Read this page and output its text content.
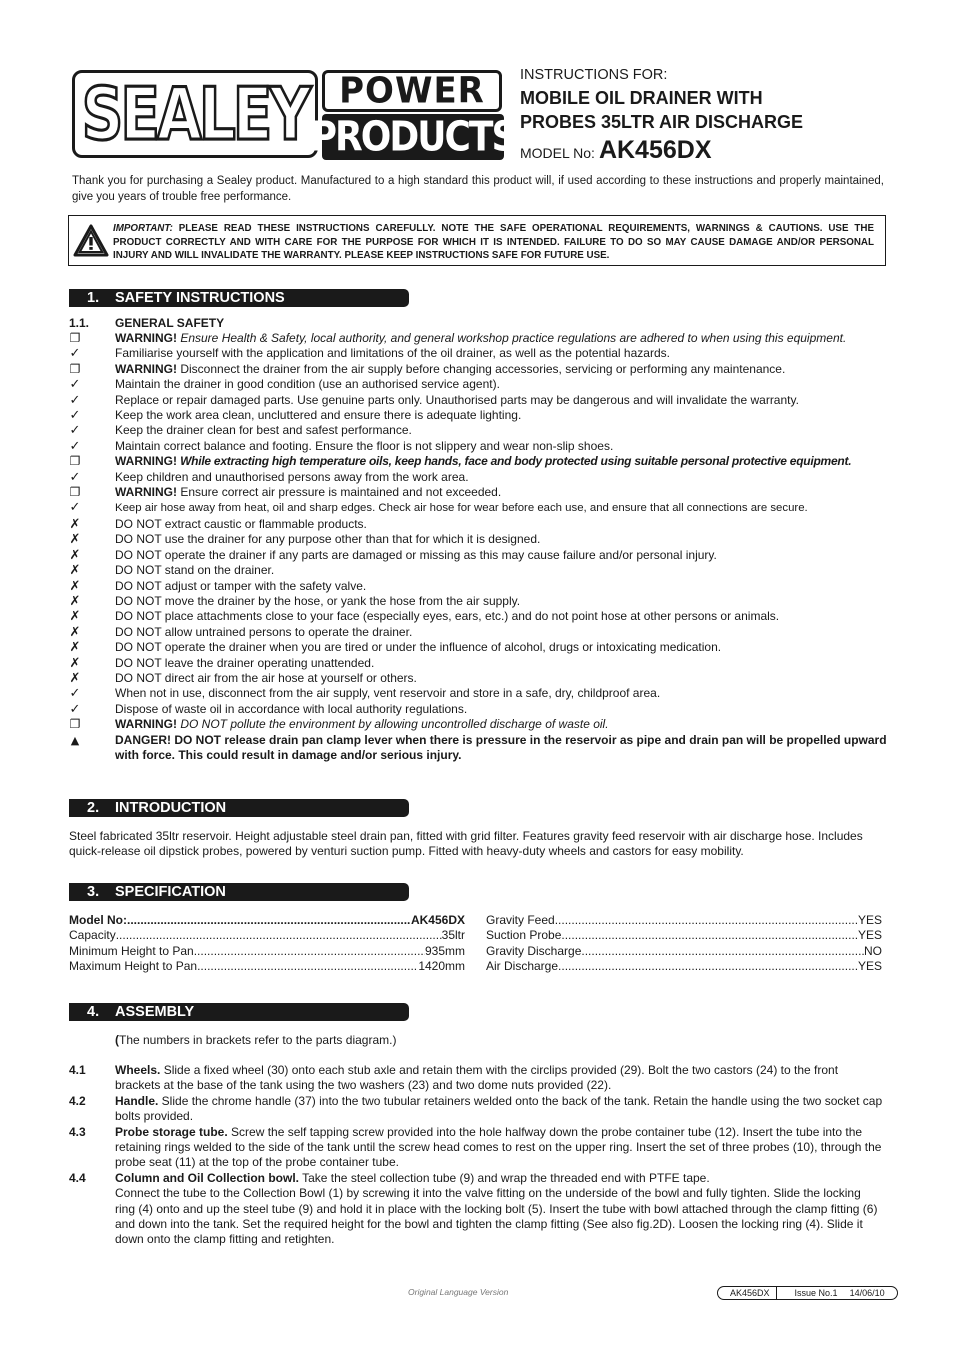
SEALEY POWER
PRODUCTS
INSTRUCTIONS FOR:
MOBILE OIL DRAINER WITH
PROBES 35LTR AIR DISCHARGE
MODEL No: AK456DX
Thank you for purchasing a Sealey product. Manufactured to a high standard this product will, if used according to these instructions and properly maintained, give you years of trouble free performance.
IMPORTANT: PLEASE READ THESE INSTRUCTIONS CAREFULLY. NOTE THE SAFE OPERATIONAL REQUIREMENTS, WARNINGS & CAUTIONS. USE THE PRODUCT CORRECTLY AND WITH CARE FOR THE PURPOSE FOR WHICH IT IS INTENDED. FAILURE TO DO SO MAY CAUSE DAMAGE AND/OR PERSONAL INJURY AND WILL INVALIDATE THE WARRANTY. PLEASE KEEP INSTRUCTIONS SAFE FOR FUTURE USE.
1. SAFETY INSTRUCTIONS
1.1. GENERAL SAFETY
❐	WARNING! Ensure Health & Safety, local authority, and general workshop practice regulations are adhered to when using this equipment.
✓	Familiarise yourself with the application and limitations of the oil drainer, as well as the potential hazards.
❐	WARNING! Disconnect the drainer from the air supply before changing accessories, servicing or performing any maintenance.
✓	Maintain the drainer in good condition (use an authorised service agent).
✓	Replace or repair damaged parts. Use genuine parts only. Unauthorised parts may be dangerous and will invalidate the warranty.
✓	Keep the work area clean, uncluttered and ensure there is adequate lighting.
✓	Keep the drainer clean for best and safest performance.
✓	Maintain correct balance and footing. Ensure the floor is not slippery and wear non-slip shoes.
❐	WARNING! While extracting high temperature oils, keep hands, face and body protected using suitable personal protective equipment.
✓	Keep children and unauthorised persons away from the work area.
❐	WARNING! Ensure correct air pressure is maintained and not exceeded.
✓	Keep air hose away from heat, oil and sharp edges. Check air hose for wear before each use, and ensure that all connections are secure.
✗	DO NOT extract caustic or flammable products.
✗	DO NOT use the drainer for any purpose other than that for which it is designed.
✗	DO NOT operate the drainer if any parts are damaged or missing as this may cause failure and/or personal injury.
✗	DO NOT stand on the drainer.
✗	DO NOT adjust or tamper with the safety valve.
✗	DO NOT move the drainer by the hose, or yank the hose from the air supply.
✗	DO NOT place attachments close to your face (especially eyes, ears, etc.) and do not point hose at other persons or animals.
✗	DO NOT allow untrained persons to operate the drainer.
✗	DO NOT operate the drainer when you are tired or under the influence of alcohol, drugs or intoxicating medication.
✗	DO NOT leave the drainer operating unattended.
✗	DO NOT direct air from the air hose at yourself or others.
✓	When not in use, disconnect from the air supply, vent reservoir and store in a safe, dry, childproof area.
✓	Dispose of waste oil in accordance with local authority regulations.
❐	WARNING! DO NOT pollute the environment by allowing uncontrolled discharge of waste oil.
▲	DANGER! DO NOT release drain pan clamp lever when there is pressure in the reservoir as pipe and drain pan will be propelled upward with force. This could result in damage and/or serious injury.
2. INTRODUCTION
Steel fabricated 35ltr reservoir. Height adjustable steel drain pan, fitted with grid filter. Features gravity feed reservoir with air discharge hose. Includes quick-release oil dipstick probes, powered by venturi suction pump. Fitted with heavy-duty wheels and castors for easy mobility.
3. SPECIFICATION
Model No: .....	AK456DX
Capacity .....	35ltr
Minimum Height to Pan .....	935mm
Maximum Height to Pan .....	1420mm
Gravity Feed .....	YES
Suction Probe .....	YES
Gravity Discharge .....	NO
Air Discharge .....	YES
4. ASSEMBLY
(The numbers in brackets refer to the parts diagram.)
4.1 Wheels. Slide a fixed wheel (30) onto each stub axle and retain them with the circlips provided (29). Bolt the two castors (24) to the front brackets at the base of the tank using the two washers (23) and two dome nuts provided (22).
4.2 Handle. Slide the chrome handle (37) into the two tubular retainers welded onto the back of the tank. Retain the handle using the two socket cap bolts provided.
4.3 Probe storage tube. Screw the self tapping screw provided into the hole halfway down the probe container tube (12). Insert the tube into the retaining rings welded to the side of the tank until the screw head comes to rest on the upper ring. Insert the set of three probes (10), through the probe seat (11) at the top of the probe container tube.
4.4 Column and Oil Collection bowl. Take the steel collection tube (9) and wrap the threaded end with PTFE tape.
Connect the tube to the Collection Bowl (1) by screwing it into the valve fitting on the underside of the bowl and fully tighten. Slide the locking ring (4) onto and up the steel tube (9) and hold it in place with the locking bolt (5). Insert the tube with bowl attached through the clamp fitting (6) and down into the tank. Set the required height for the bowl and tighten the clamp fitting (See also fig.2D). Loosen the locking ring (4). Slide it down onto the clamp fitting and retighten.
Original Language Version	AK456DX	Issue No.1	14/06/10
